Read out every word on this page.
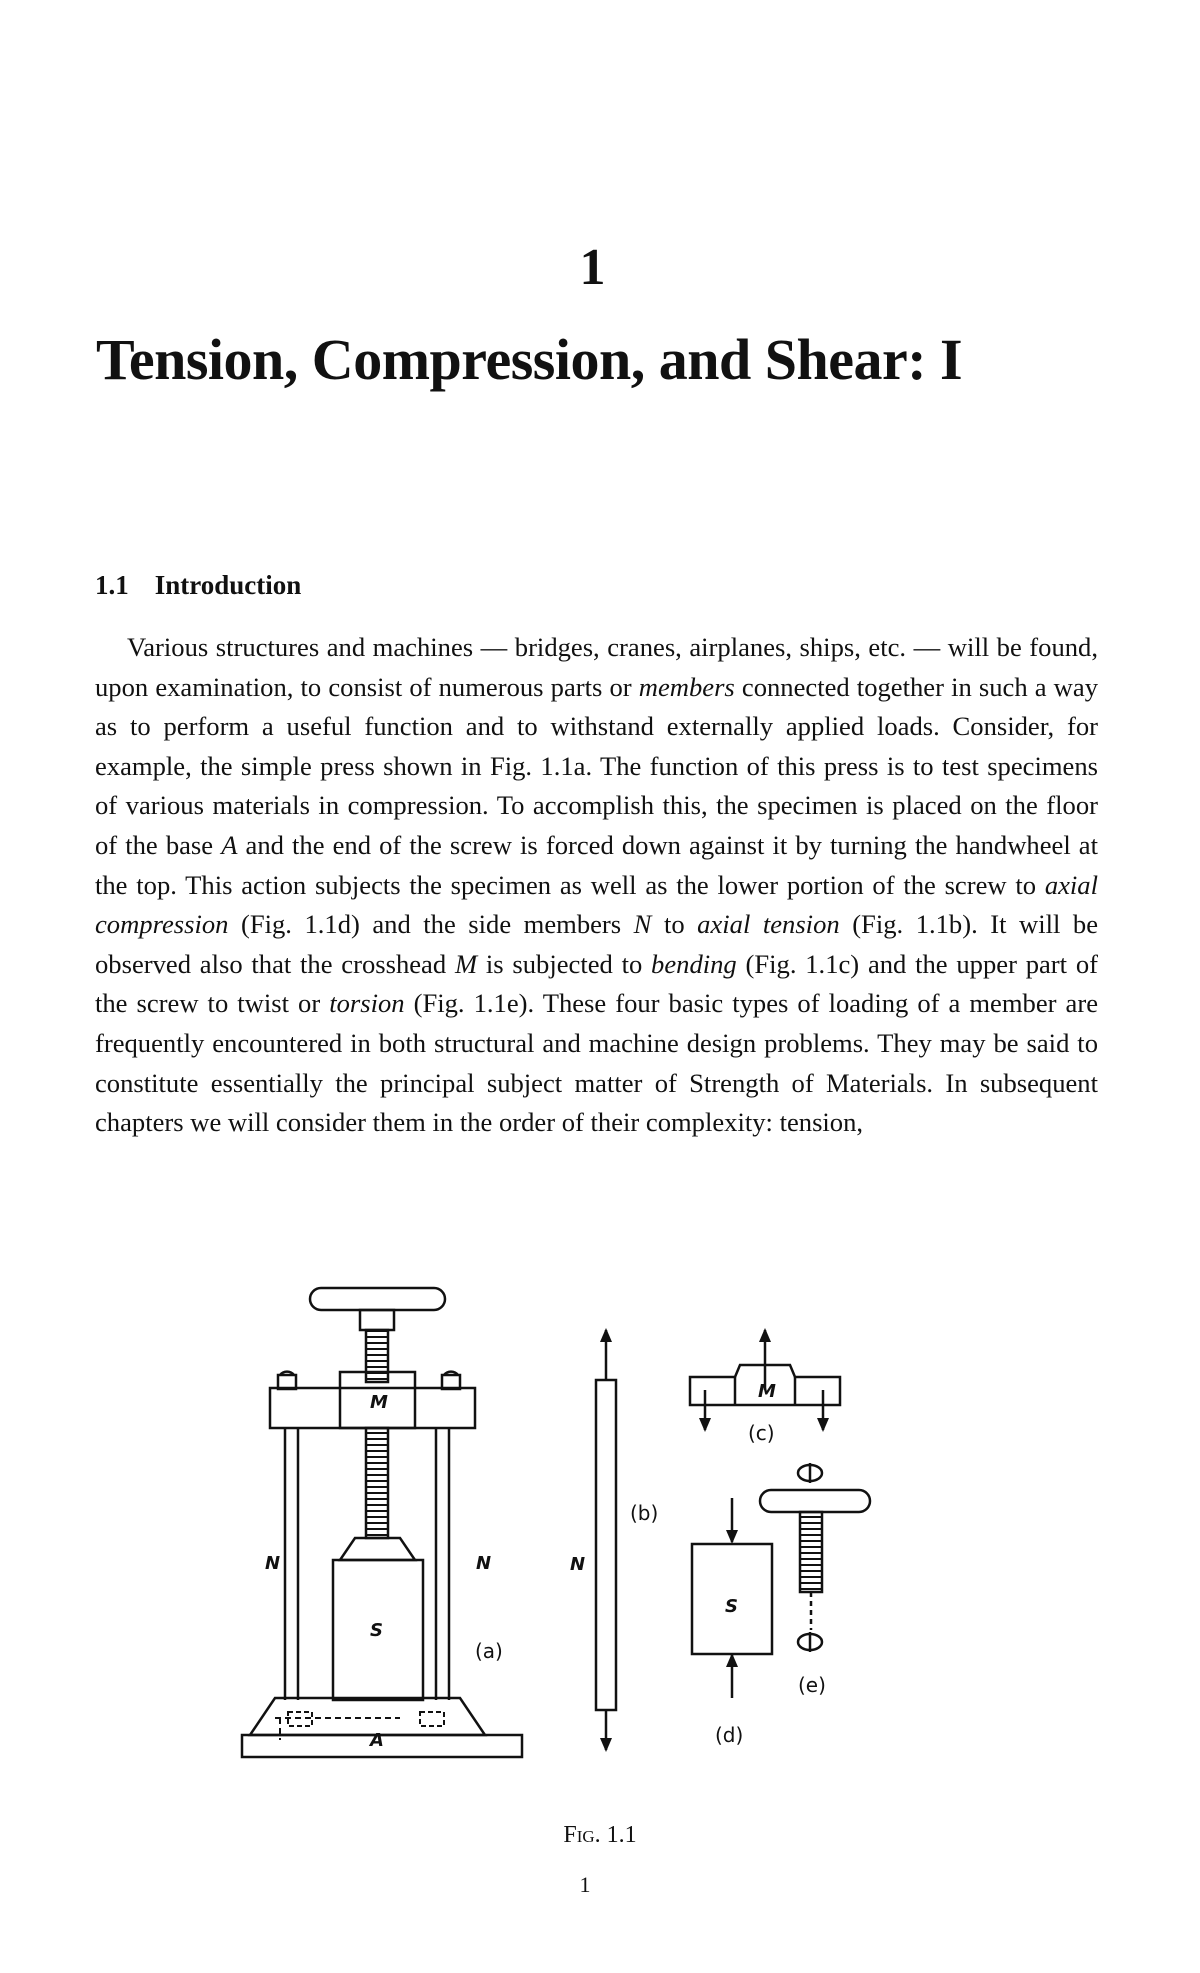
1
Tension, Compression, and Shear: I
1.1 Introduction
Various structures and machines — bridges, cranes, airplanes, ships, etc. — will be found, upon examination, to consist of numerous parts or members connected together in such a way as to perform a useful function and to withstand externally applied loads. Consider, for example, the simple press shown in Fig. 1.1a. The function of this press is to test specimens of various materials in compression. To accomplish this, the specimen is placed on the floor of the base A and the end of the screw is forced down against it by turning the handwheel at the top. This action subjects the specimen as well as the lower portion of the screw to axial compression (Fig. 1.1d) and the side members N to axial tension (Fig. 1.1b). It will be observed also that the crosshead M is subjected to bending (Fig. 1.1c) and the upper part of the screw to twist or torsion (Fig. 1.1e). These four basic types of loading of a member are frequently encountered in both structural and machine design problems. They may be said to constitute essentially the principal subject matter of Strength of Materials. In subsequent chapters we will consider them in the order of their complexity: tension,
M
S
N	N
(a)
A
N
(b)
M
(c)
S
(d)
(e)
Fig. 1.1
1
